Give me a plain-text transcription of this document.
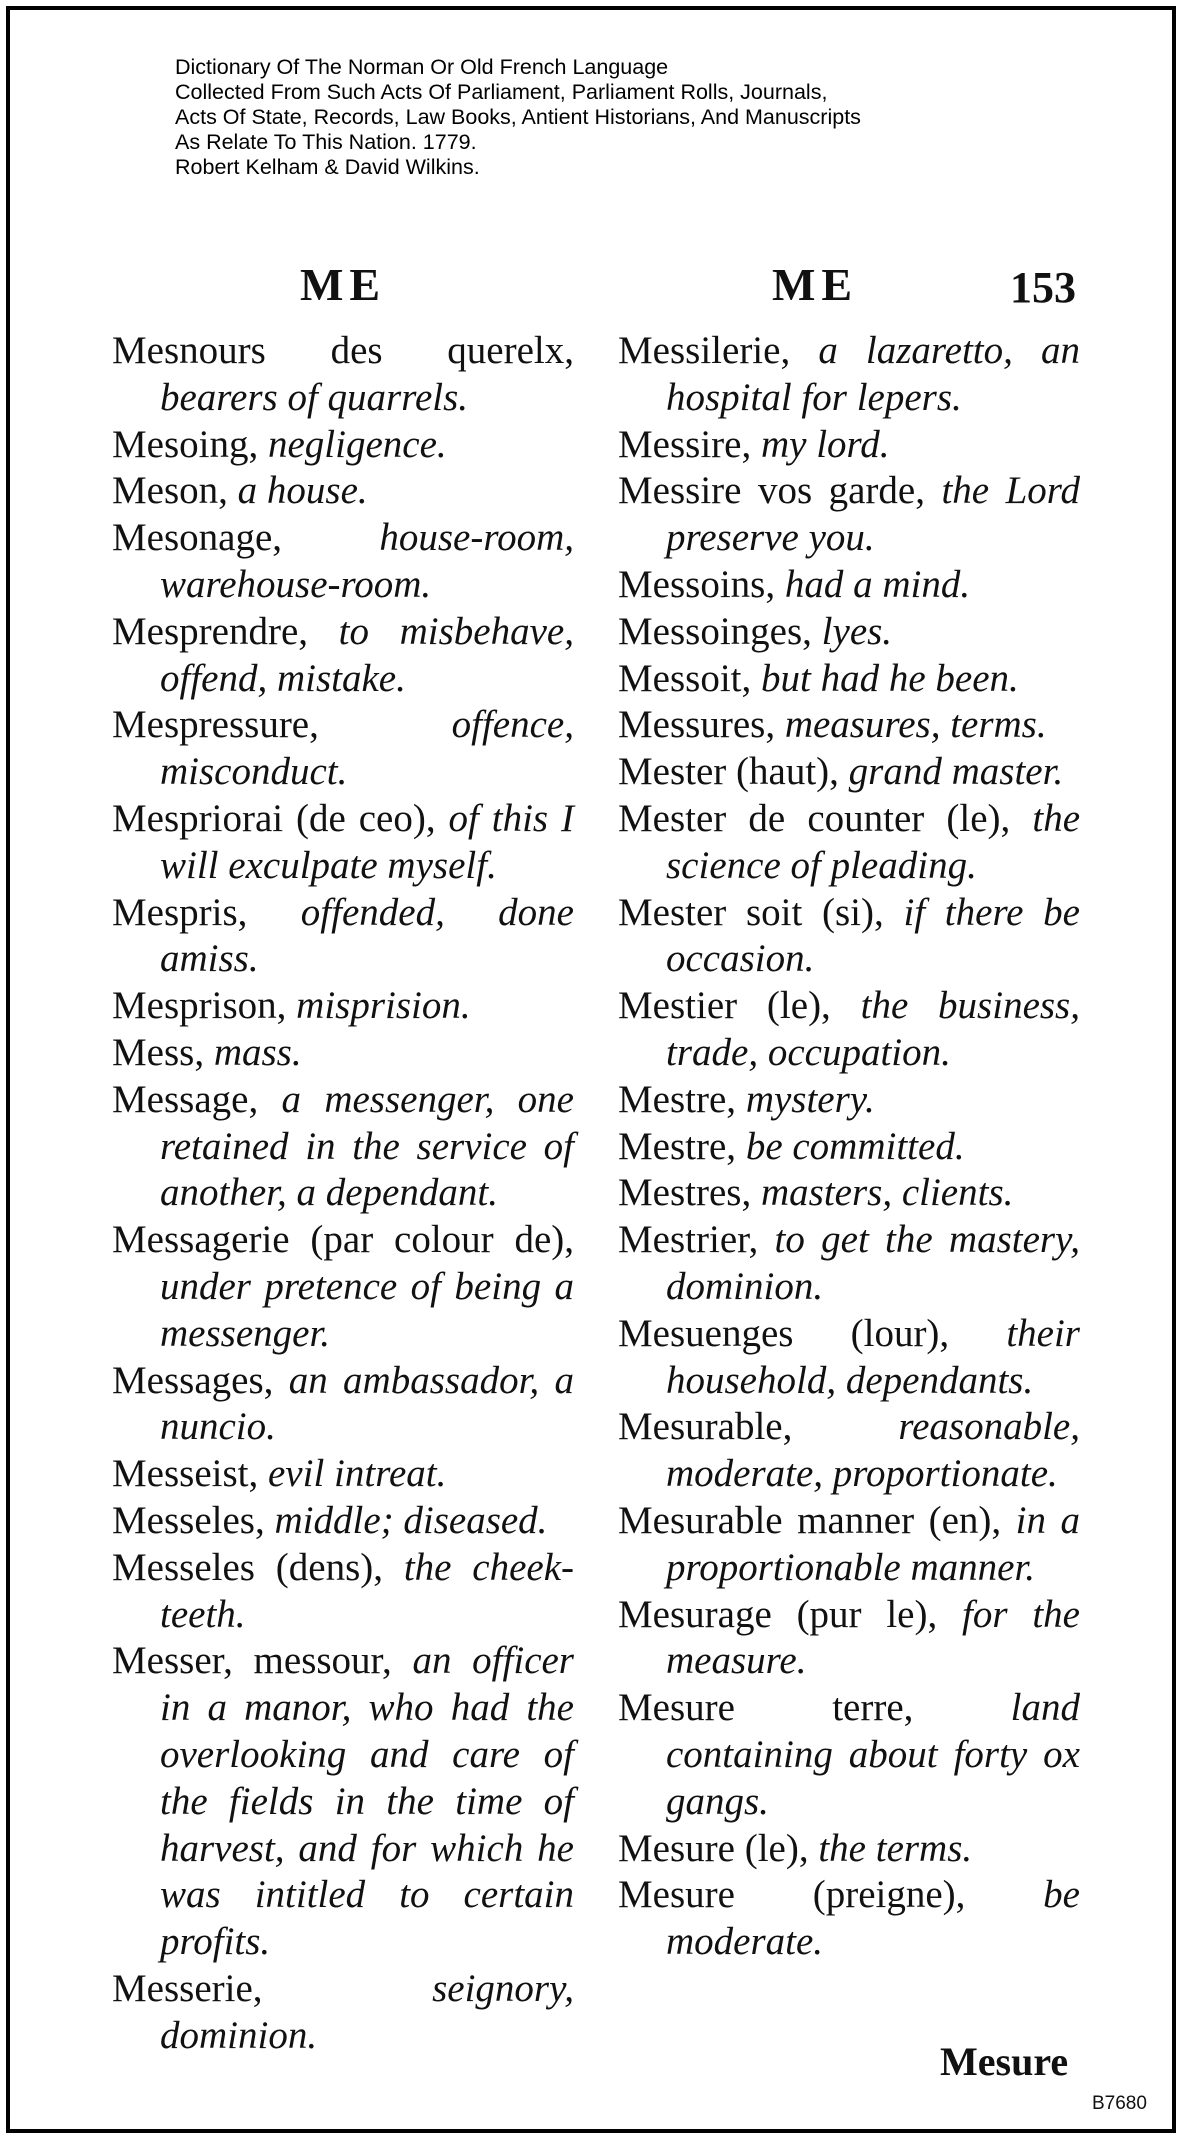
Dictionary Of The Norman Or Old French Language
Collected From Such Acts Of Parliament, Parliament Rolls, Journals,
Acts Of State, Records, Law Books, Antient Historians, And Manuscripts
As Relate To This Nation. 1779.
Robert Kelham & David Wilkins.
ME	ME	153
Mesnours des querelx, bearers of quarrels.
Mesoing, negligence.
Meson, a house.
Mesonage, house-room, warehouse-room.
Mesprendre, to misbehave, offend, mistake.
Mespressure, offence, misconduct.
Mespriorai (de ceo), of this I will exculpate myself.
Mespris, offended, done amiss.
Mesprison, misprision.
Mess, mass.
Message, a messenger, one retained in the service of another, a dependant.
Messagerie (par colour de), under pretence of being a messenger.
Messages, an ambassador, a nuncio.
Messeist, evil intreat.
Messeles, middle; diseased.
Messeles (dens), the cheek-teeth.
Messer, messour, an officer in a manor, who had the overlooking and care of the fields in the time of harvest, and for which he was intitled to certain profits.
Messerie, seignory, dominion.
Messilerie, a lazaretto, an hospital for lepers.
Messire, my lord.
Messire vos garde, the Lord preserve you.
Messoins, had a mind.
Messoinges, lyes.
Messoit, but had he been.
Messures, measures, terms.
Mester (haut), grand master.
Mester de counter (le), the science of pleading.
Mester soit (si), if there be occasion.
Mestier (le), the business, trade, occupation.
Mestre, mystery.
Mestre, be committed.
Mestres, masters, clients.
Mestrier, to get the mastery, dominion.
Mesuenges (lour), their household, dependants.
Mesurable, reasonable, moderate, proportionate.
Mesurable manner (en), in a proportionable manner.
Mesurage (pur le), for the measure.
Mesure terre, land containing about forty ox gangs.
Mesure (le), the terms.
Mesure (preigne), be moderate.
Mesure
B7680
